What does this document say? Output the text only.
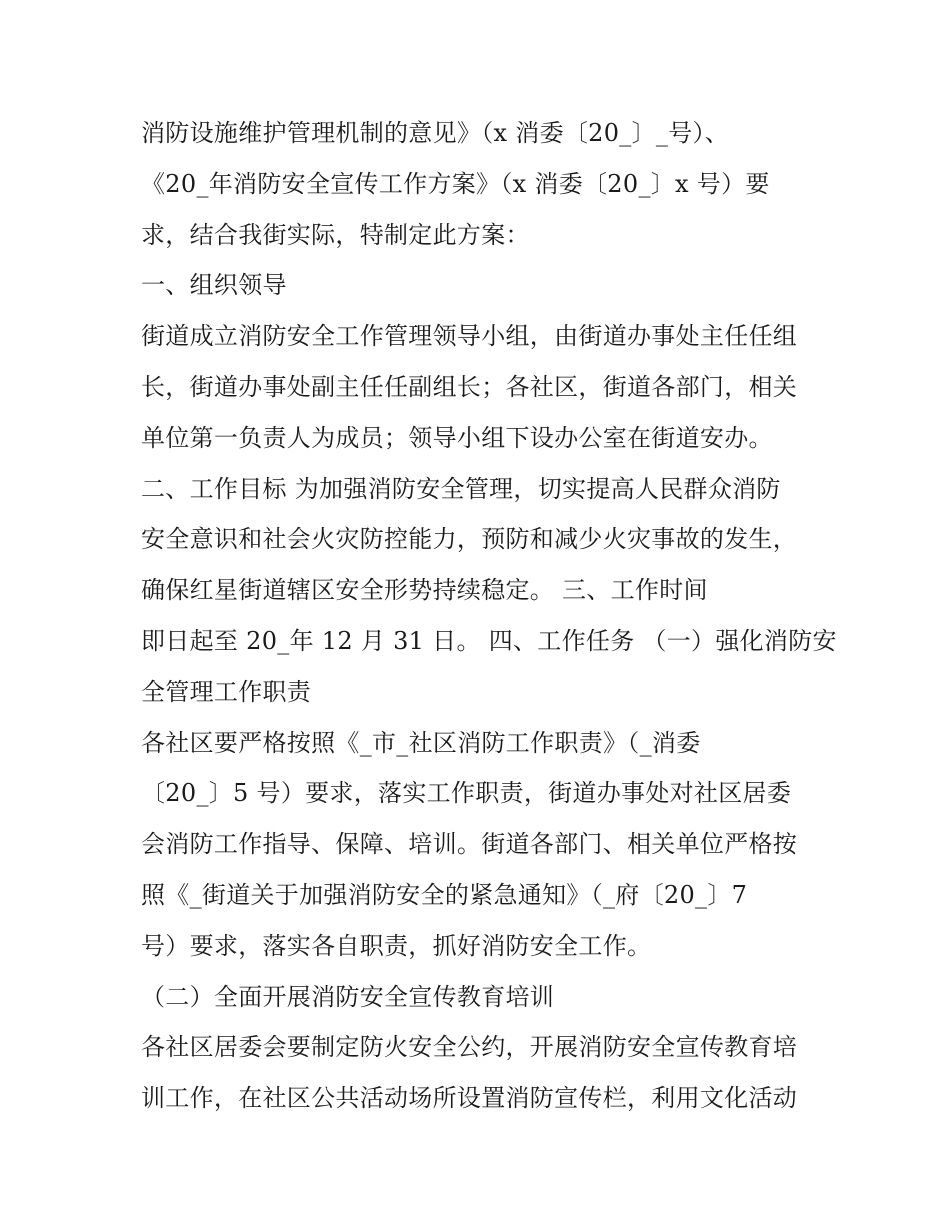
消防设施维护管理机制的意见》（x 消委〔20_〕_号）、
《20_年消防安全宣传工作方案》（x 消委〔20_〕x 号）要
求，结合我街实际，特制定此方案：
一、组织领导
街道成立消防安全工作管理领导小组，由街道办事处主任任组
长，街道办事处副主任任副组长；各社区，街道各部门，相关
单位第一负责人为成员；领导小组下设办公室在街道安办。
二、工作目标 为加强消防安全管理，切实提高人民群众消防
安全意识和社会火灾防控能力，预防和减少火灾事故的发生，
确保红星街道辖区安全形势持续稳定。 三、工作时间
即日起至 20_年 12 月 31 日。 四、工作任务 （一）强化消防安
全管理工作职责
各社区要严格按照《_市_社区消防工作职责》（_消委
〔20_〕5 号）要求，落实工作职责，街道办事处对社区居委
会消防工作指导、保障、培训。街道各部门、相关单位严格按
照《_街道关于加强消防安全的紧急通知》（_府〔20_〕7
号）要求，落实各自职责，抓好消防安全工作。
（二）全面开展消防安全宣传教育培训
各社区居委会要制定防火安全公约，开展消防安全宣传教育培
训工作，在社区公共活动场所设置消防宣传栏，利用文化活动
